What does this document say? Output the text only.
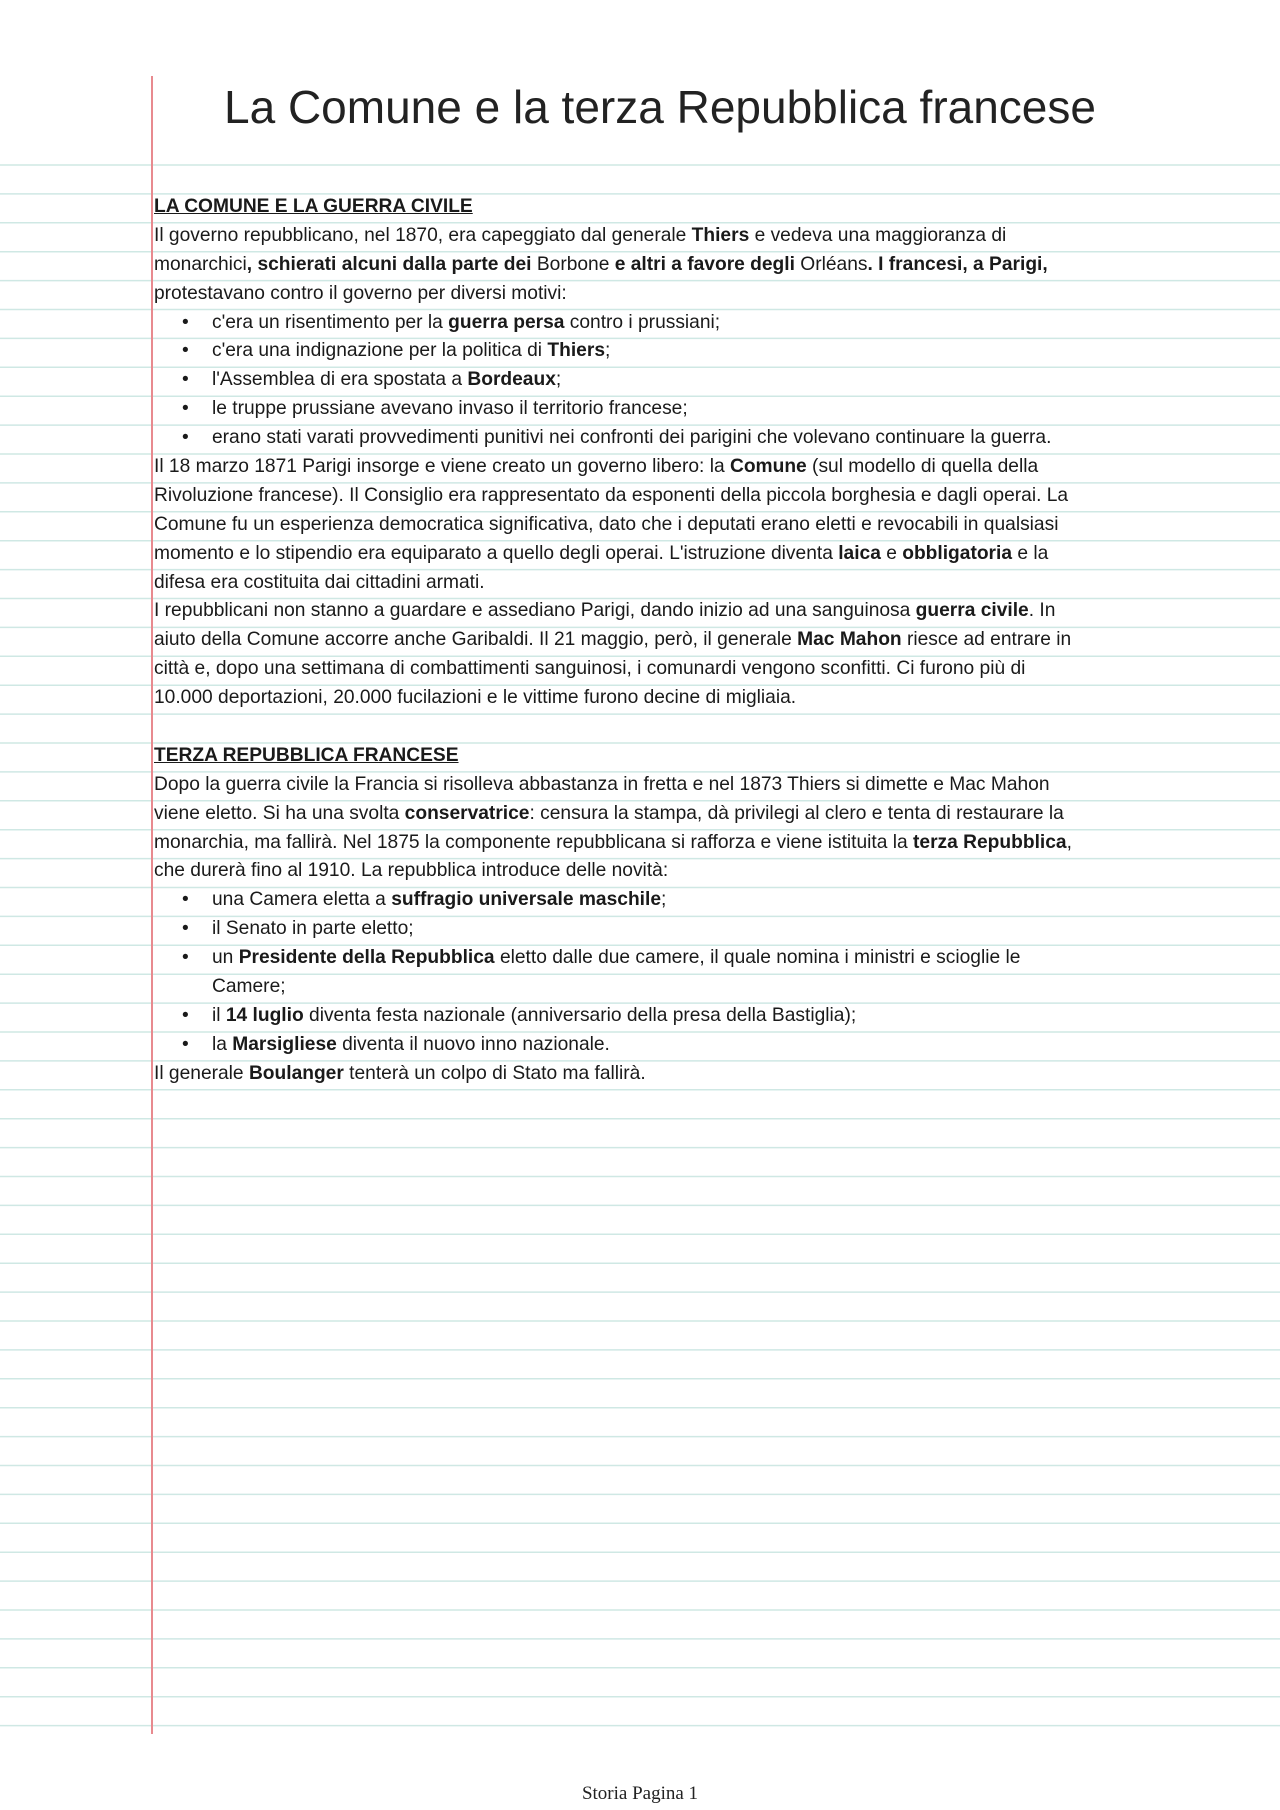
La Comune e la terza Repubblica francese
LA COMUNE E LA GUERRA CIVILE
Il governo repubblicano, nel 1870, era capeggiato dal generale Thiers e vedeva una maggioranza di
monarchici, schierati alcuni dalla parte dei Borbone e altri a favore degli Orléans. I francesi, a Parigi,
protestavano contro il governo per diversi motivi:
• c'era un risentimento per la guerra persa contro i prussiani;
• c'era una indignazione per la politica di Thiers;
• l'Assemblea di era spostata a Bordeaux;
• le truppe prussiane avevano invaso il territorio francese;
• erano stati varati provvedimenti punitivi nei confronti dei parigini che volevano continuare la guerra.
Il 18 marzo 1871 Parigi insorge e viene creato un governo libero: la Comune (sul modello di quella della
Rivoluzione francese). Il Consiglio era rappresentato da esponenti della piccola borghesia e dagli operai. La
Comune fu un esperienza democratica significativa, dato che i deputati erano eletti e revocabili in qualsiasi
momento e lo stipendio era equiparato a quello degli operai. L'istruzione diventa laica e obbligatoria e la
difesa era costituita dai cittadini armati.
I repubblicani non stanno a guardare e assediano Parigi, dando inizio ad una sanguinosa guerra civile. In
aiuto della Comune accorre anche Garibaldi. Il 21 maggio, però, il generale Mac Mahon riesce ad entrare in
città e, dopo una settimana di combattimenti sanguinosi, i comunardi vengono sconfitti. Ci furono più di
10.000 deportazioni, 20.000 fucilazioni e le vittime furono decine di migliaia.
TERZA REPUBBLICA FRANCESE
Dopo la guerra civile la Francia si risolleva abbastanza in fretta e nel 1873 Thiers si dimette e Mac Mahon
viene eletto. Si ha una svolta conservatrice: censura la stampa, dà privilegi al clero e tenta di restaurare la
monarchia, ma fallirà. Nel 1875 la componente repubblicana si rafforza e viene istituita la terza Repubblica,
che durerà fino al 1910. La repubblica introduce delle novità:
• una Camera eletta a suffragio universale maschile;
• il Senato in parte eletto;
• un Presidente della Repubblica eletto dalle due camere, il quale nomina i ministri e scioglie le
Camere;
• il 14 luglio diventa festa nazionale (anniversario della presa della Bastiglia);
• la Marsigliese diventa il nuovo inno nazionale.
Il generale Boulanger tenterà un colpo di Stato ma fallirà.
Storia Pagina 1
